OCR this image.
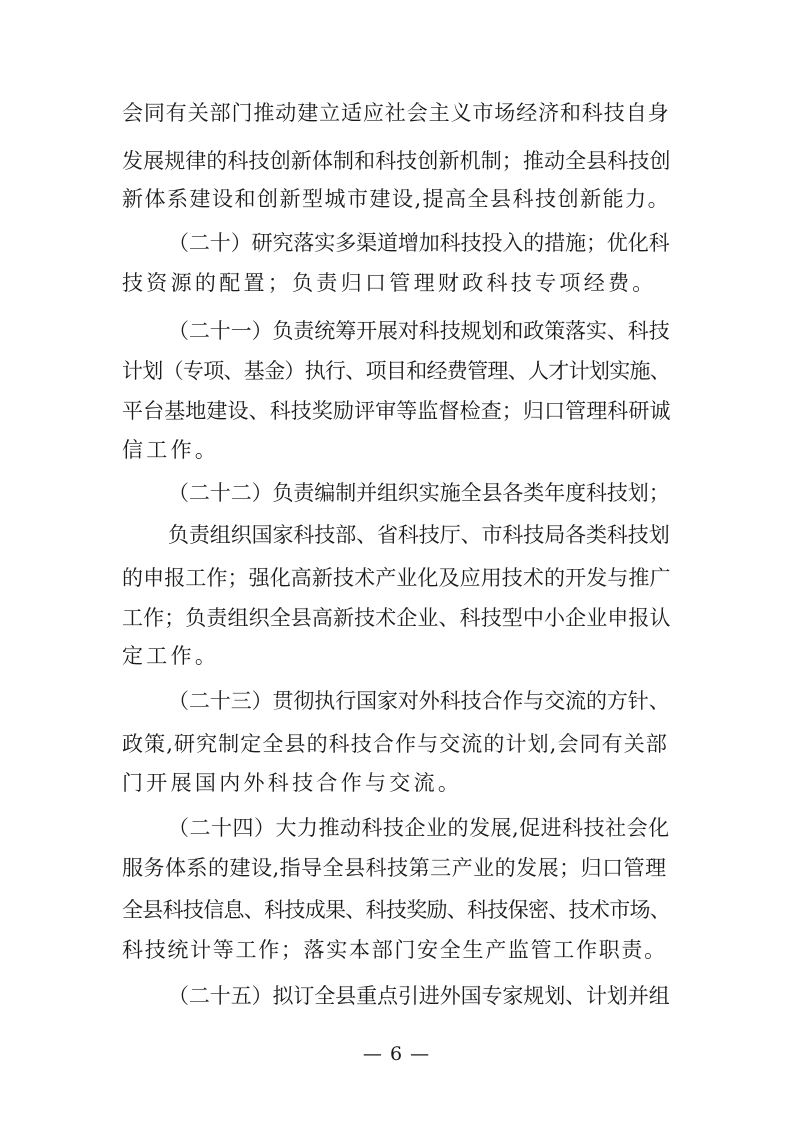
会同有关部门推动建立适应社会主义市场经济和科技自身
发展规律的科技创新体制和科技创新机制；推动全县科技创
新体系建设和创新型城市建设,提高全县科技创新能力。
（二十）研究落实多渠道增加科技投入的措施；优化科
技资源的配置；负责归口管理财政科技专项经费。
（二十一）负责统筹开展对科技规划和政策落实、科技
计划（专项、基金）执行、项目和经费管理、人才计划实施、
平台基地建设、科技奖励评审等监督检查；归口管理科研诚
信工作。
（二十二）负责编制并组织实施全县各类年度科技划；
负责组织国家科技部、省科技厅、市科技局各类科技划
的申报工作；强化高新技术产业化及应用技术的开发与推广
工作；负责组织全县高新技术企业、科技型中小企业申报认
定工作。
（二十三）贯彻执行国家对外科技合作与交流的方针、
政策,研究制定全县的科技合作与交流的计划,会同有关部
门开展国内外科技合作与交流。
（二十四）大力推动科技企业的发展,促进科技社会化
服务体系的建设,指导全县科技第三产业的发展；归口管理
全县科技信息、科技成果、科技奖励、科技保密、技术市场、
科技统计等工作；落实本部门安全生产监管工作职责。
（二十五）拟订全县重点引进外国专家规划、计划并组
— 6 —
